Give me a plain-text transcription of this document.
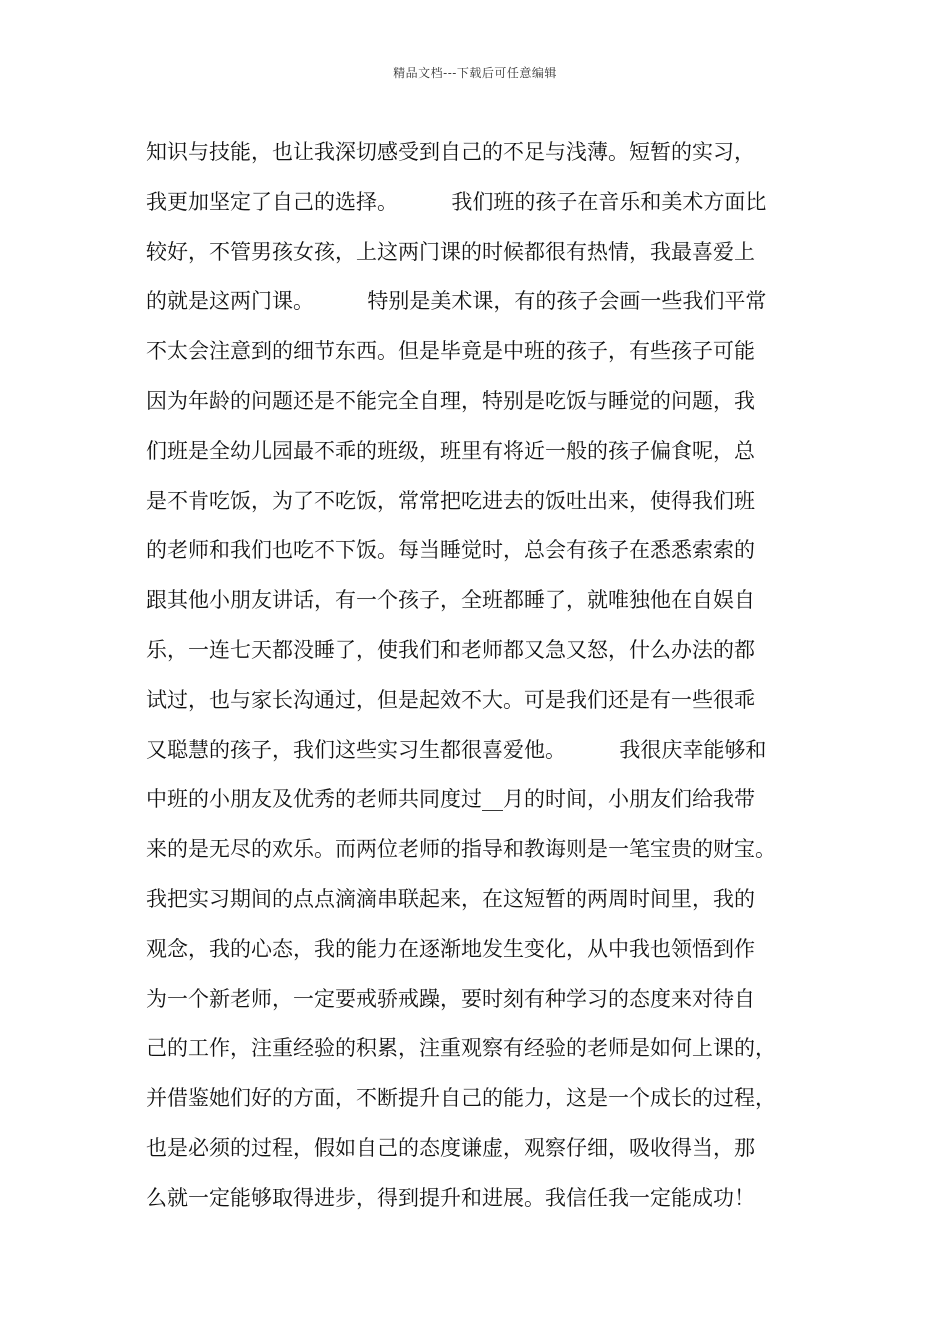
精品文档---下载后可任意编辑
知识与技能，也让我深切感受到自己的不足与浅薄。短暂的实习，
我更加坚定了自己的选择。        我们班的孩子在音乐和美术方面比
较好，不管男孩女孩，上这两门课的时候都很有热情，我最喜爱上
的就是这两门课。        特别是美术课，有的孩子会画一些我们平常
不太会注意到的细节东西。但是毕竟是中班的孩子，有些孩子可能
因为年龄的问题还是不能完全自理，特别是吃饭与睡觉的问题，我
们班是全幼儿园最不乖的班级，班里有将近一般的孩子偏食呢，总
是不肯吃饭，为了不吃饭，常常把吃进去的饭吐出来，使得我们班
的老师和我们也吃不下饭。每当睡觉时，总会有孩子在悉悉索索的
跟其他小朋友讲话，有一个孩子，全班都睡了，就唯独他在自娱自
乐，一连七天都没睡了，使我们和老师都又急又怒，什么办法的都
试过，也与家长沟通过，但是起效不大。可是我们还是有一些很乖
又聪慧的孩子，我们这些实习生都很喜爱他。        我很庆幸能够和
中班的小朋友及优秀的老师共同度过__月的时间，小朋友们给我带
来的是无尽的欢乐。而两位老师的指导和教诲则是一笔宝贵的财宝。
我把实习期间的点点滴滴串联起来，在这短暂的两周时间里，我的
观念，我的心态，我的能力在逐渐地发生变化，从中我也领悟到作
为一个新老师，一定要戒骄戒躁，要时刻有种学习的态度来对待自
己的工作，注重经验的积累，注重观察有经验的老师是如何上课的，
并借鉴她们好的方面，不断提升自己的能力，这是一个成长的过程，
也是必须的过程，假如自己的态度谦虚，观察仔细，吸收得当，那
么就一定能够取得进步，得到提升和进展。我信任我一定能成功！
